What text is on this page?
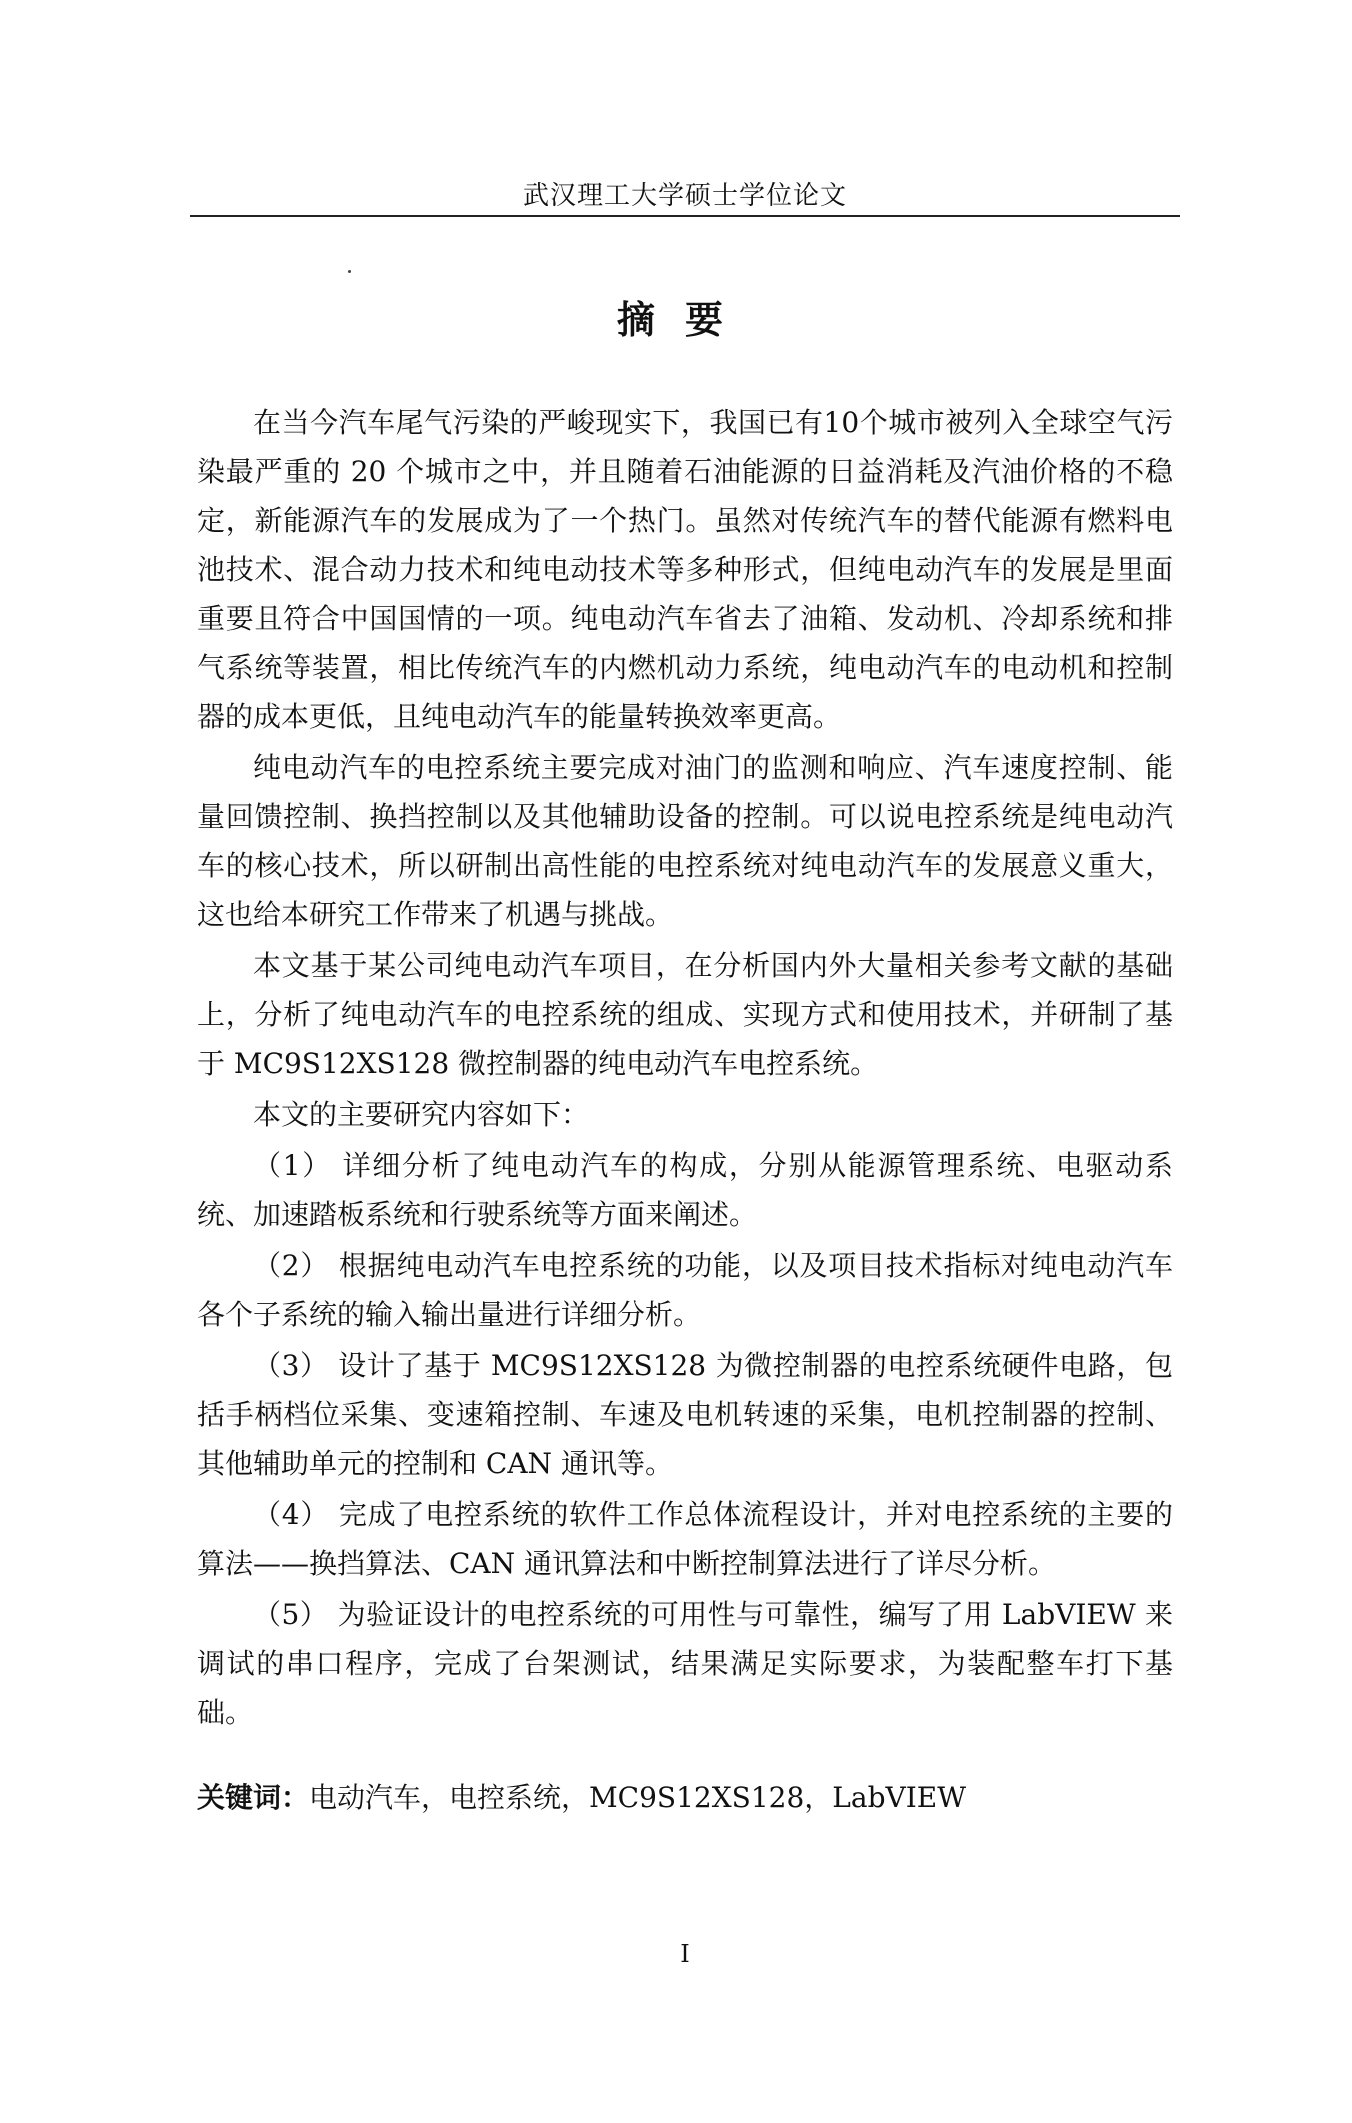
武汉理工大学硕士学位论文
摘要

在当今汽车尾气污染的严峻现实下，我国已有10个城市被列入全球空气污染最严重的 20 个城市之中，并且随着石油能源的日益消耗及汽油价格的不稳定，新能源汽车的发展成为了一个热门。虽然对传统汽车的替代能源有燃料电池技术、混合动力技术和纯电动技术等多种形式，但纯电动汽车的发展是里面重要且符合中国国情的一项。纯电动汽车省去了油箱、发动机、冷却系统和排气系统等装置，相比传统汽车的内燃机动力系统，纯电动汽车的电动机和控制器的成本更低，且纯电动汽车的能量转换效率更高。

纯电动汽车的电控系统主要完成对油门的监测和响应、汽车速度控制、能量回馈控制、换挡控制以及其他辅助设备的控制。可以说电控系统是纯电动汽车的核心技术，所以研制出高性能的电控系统对纯电动汽车的发展意义重大，这也给本研究工作带来了机遇与挑战。

本文基于某公司纯电动汽车项目，在分析国内外大量相关参考文献的基础上，分析了纯电动汽车的电控系统的组成、实现方式和使用技术，并研制了基于 MC9S12XS128 微控制器的纯电动汽车电控系统。

本文的主要研究内容如下：

（1） 详细分析了纯电动汽车的构成，分别从能源管理系统、电驱动系统、加速踏板系统和行驶系统等方面来阐述。

（2） 根据纯电动汽车电控系统的功能，以及项目技术指标对纯电动汽车各个子系统的输入输出量进行详细分析。

（3） 设计了基于 MC9S12XS128 为微控制器的电控系统硬件电路，包括手柄档位采集、变速箱控制、车速及电机转速的采集，电机控制器的控制、其他辅助单元的控制和 CAN 通讯等。

（4） 完成了电控系统的软件工作总体流程设计，并对电控系统的主要的算法——换挡算法、CAN 通讯算法和中断控制算法进行了详尽分析。

（5） 为验证设计的电控系统的可用性与可靠性，编写了用 LabVIEW 来调试的串口程序，完成了台架测试，结果满足实际要求，为装配整车打下基础。

关键词：电动汽车，电控系统，MC9S12XS128，LabVIEW
I
